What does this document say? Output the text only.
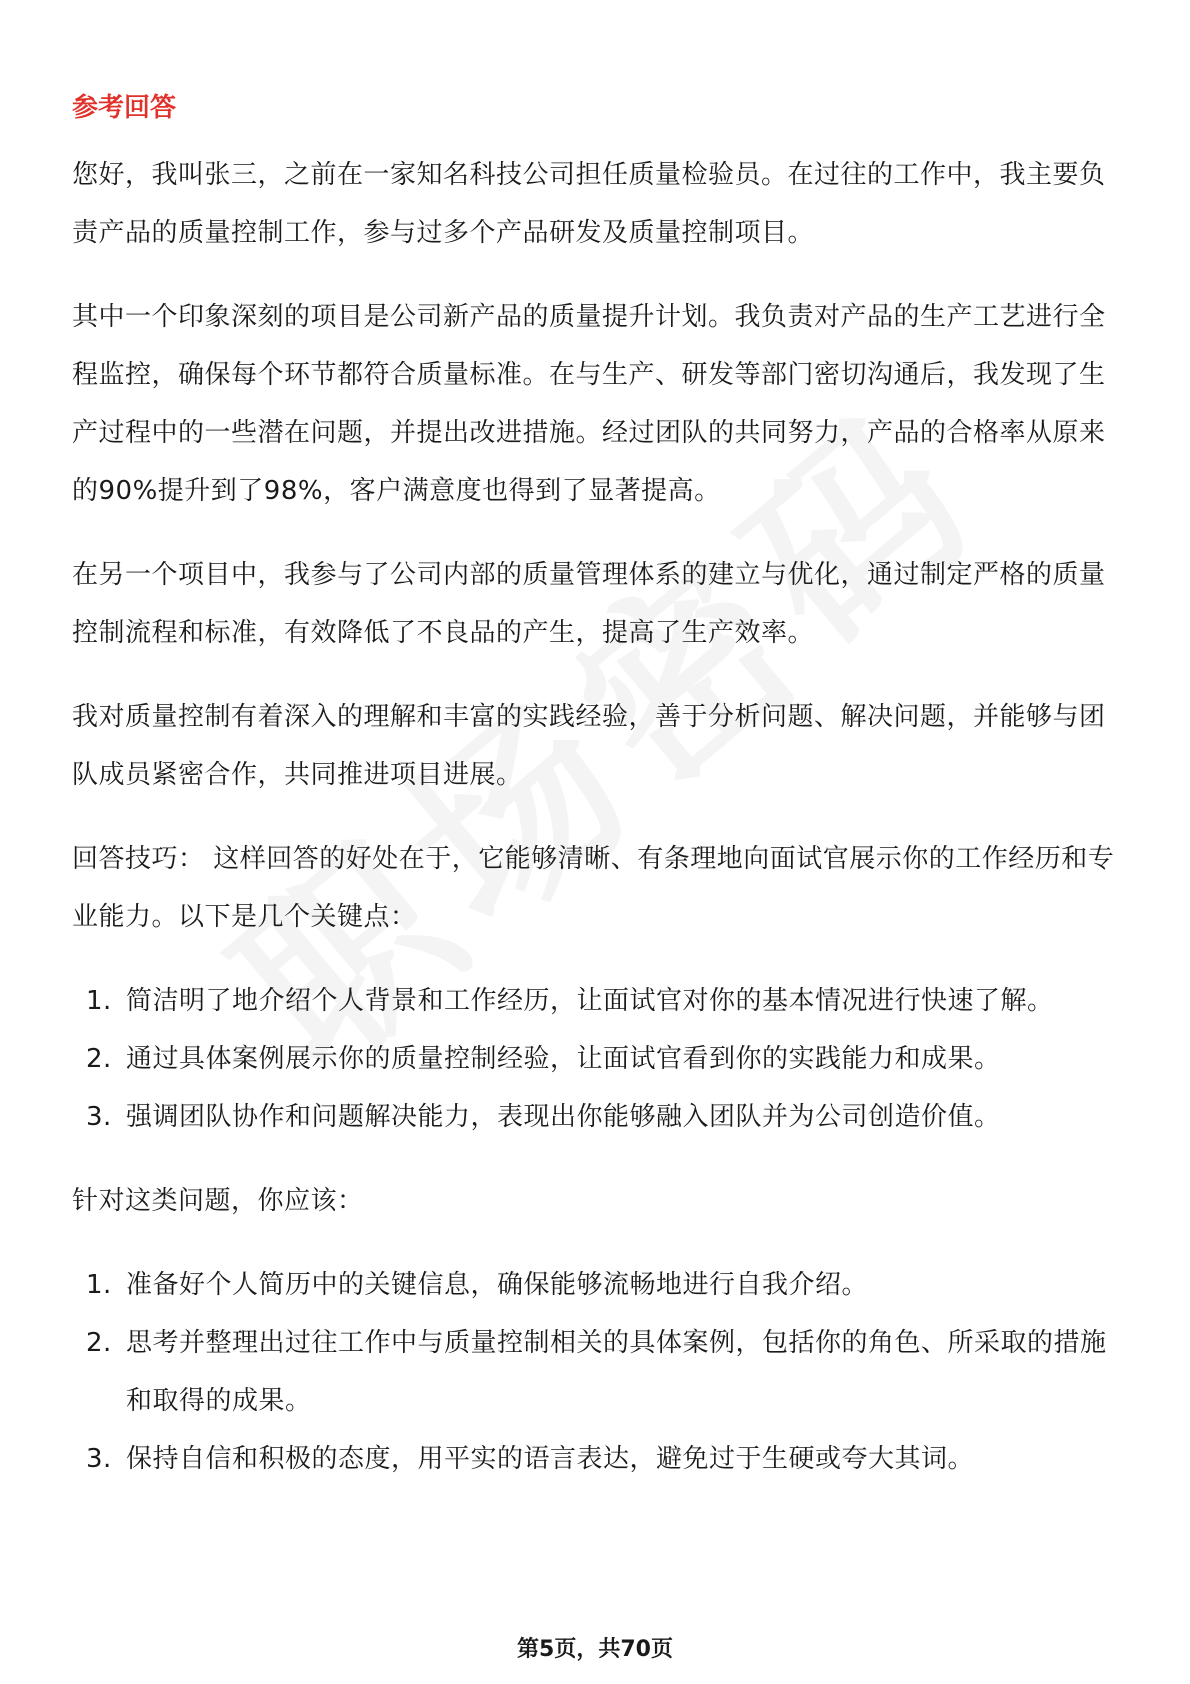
参考回答

您好，我叫张三，之前在一家知名科技公司担任质量检验员。在过往的工作中，我主要负责产品的质量控制工作，参与过多个产品研发及质量控制项目。

其中一个印象深刻的项目是公司新产品的质量提升计划。我负责对产品的生产工艺进行全程监控，确保每个环节都符合质量标准。在与生产、研发等部门密切沟通后，我发现了生产过程中的一些潜在问题，并提出改进措施。经过团队的共同努力，产品的合格率从原来的90%提升到了98%，客户满意度也得到了显著提高。

在另一个项目中，我参与了公司内部的质量管理体系的建立与优化，通过制定严格的质量控制流程和标准，有效降低了不良品的产生，提高了生产效率。

我对质量控制有着深入的理解和丰富的实践经验，善于分析问题、解决问题，并能够与团队成员紧密合作，共同推进项目进展。

回答技巧： 这样回答的好处在于，它能够清晰、有条理地向面试官展示你的工作经历和专业能力。以下是几个关键点：

1. 简洁明了地介绍个人背景和工作经历，让面试官对你的基本情况进行快速了解。
2. 通过具体案例展示你的质量控制经验，让面试官看到你的实践能力和成果。
3. 强调团队协作和问题解决能力，表现出你能够融入团队并为公司创造价值。

针对这类问题，你应该：

1. 准备好个人简历中的关键信息，确保能够流畅地进行自我介绍。
2. 思考并整理出过往工作中与质量控制相关的具体案例，包括你的角色、所采取的措施和取得的成果。
3. 保持自信和积极的态度，用平实的语言表达，避免过于生硬或夸大其词。
第5页，共70页
